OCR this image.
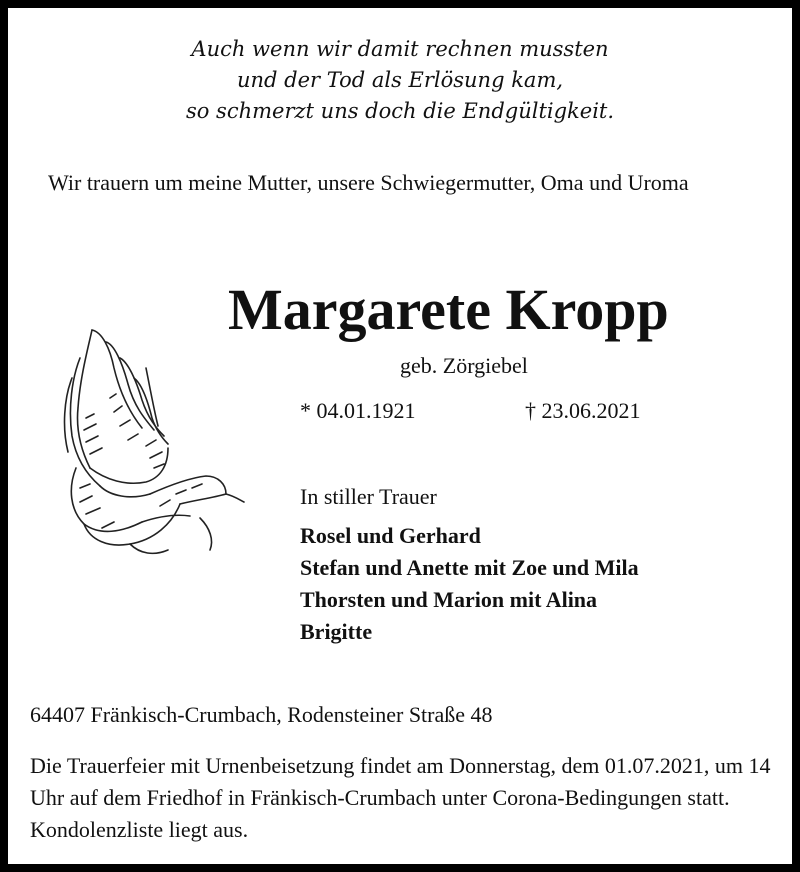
Auch wenn wir damit rechnen mussten
und der Tod als Erlösung kam,
so schmerzt uns doch die Endgültigkeit.
Wir trauern um meine Mutter, unsere Schwiegermutter, Oma und Uroma
Margarete Kropp
geb. Zörgiebel
* 04.01.1921	† 23.06.2021
In stiller Trauer
Rosel und Gerhard
Stefan und Anette mit Zoe und Mila
Thorsten und Marion mit Alina
Brigitte
64407 Fränkisch-Crumbach, Rodensteiner Straße 48
Die Trauerfeier mit Urnenbeisetzung findet am Donnerstag, dem 01.07.2021, um 14 Uhr auf dem Friedhof in Fränkisch-Crumbach unter Corona-Bedingungen statt. Kondolenzliste liegt aus.
